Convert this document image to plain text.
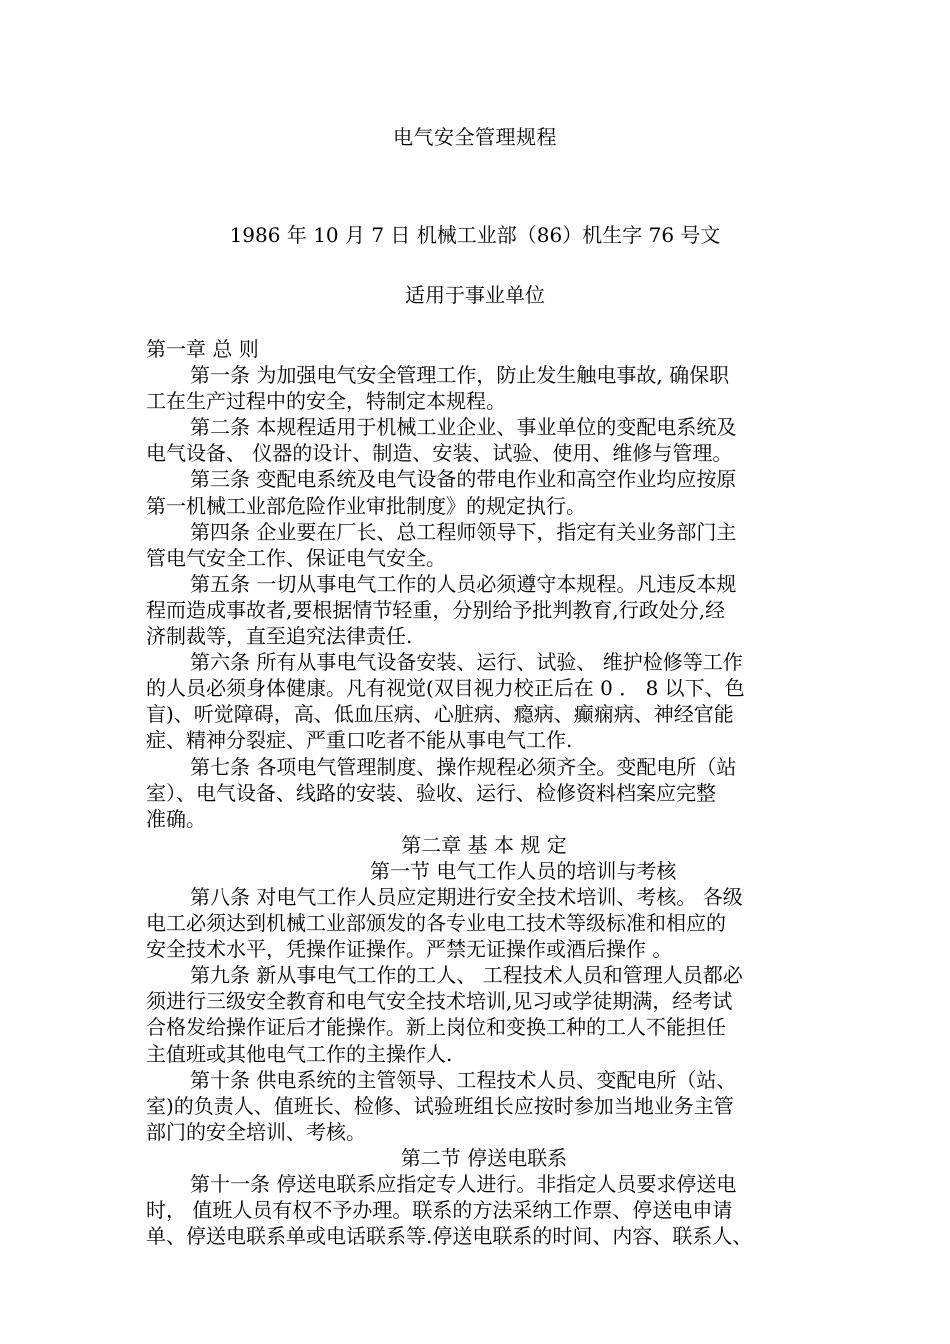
电气安全管理规程
1986 年 10 月 7 日 机械工业部（86）机生字 76 号文
适用于事业单位
第一章 总 则
第一条 为加强电气安全管理工作，防止发生触电事故, 确保职
工在生产过程中的安全，特制定本规程。
第二条 本规程适用于机械工业企业、事业单位的变配电系统及
电气设备、 仪器的设计、制造、安装、试验、使用、维修与管理。
第三条 变配电系统及电气设备的带电作业和高空作业均应按原
第一机械工业部危险作业审批制度》的规定执行。
第四条 企业要在厂长、总工程师领导下，指定有关业务部门主
管电气安全工作、保证电气安全。
第五条 一切从事电气工作的人员必须遵守本规程。凡违反本规
程而造成事故者,要根据情节轻重，分别给予批判教育,行政处分,经
济制裁等，直至追究法律责任.
第六条 所有从事电气设备安装、运行、试验、 维护检修等工作
的人员必须身体健康。凡有视觉(双目视力校正后在 0 ． 8 以下、色
盲)、听觉障碍，高、低血压病、心脏病、瘾病、癫痫病、神经官能
症、精神分裂症、严重口吃者不能从事电气工作.
第七条 各项电气管理制度、操作规程必须齐全。变配电所（站
室）、电气设备、线路的安装、验收、运行、检修资料档案应完整
准确。
第二章 基 本 规 定
第一节 电气工作人员的培训与考核
第八条 对电气工作人员应定期进行安全技术培训、考核。 各级
电工必须达到机械工业部颁发的各专业电工技术等级标准和相应的
安全技术水平，凭操作证操作。严禁无证操作或酒后操作 。
第九条 新从事电气工作的工人、 工程技术人员和管理人员都必
须进行三级安全教育和电气安全技术培训,见习或学徒期满，经考试
合格发给操作证后才能操作。新上岗位和变换工种的工人不能担任
主值班或其他电气工作的主操作人.
第十条 供电系统的主管领导、工程技术人员、变配电所（站、
室)的负责人、值班长、检修、试验班组长应按时参加当地业务主管
部门的安全培训、考核。
第二节 停送电联系
第十一条 停送电联系应指定专人进行。非指定人员要求停送电
时， 值班人员有权不予办理。联系的方法采纳工作票、停送电申请
单、停送电联系单或电话联系等.停送电联系的时间、内容、联系人、
